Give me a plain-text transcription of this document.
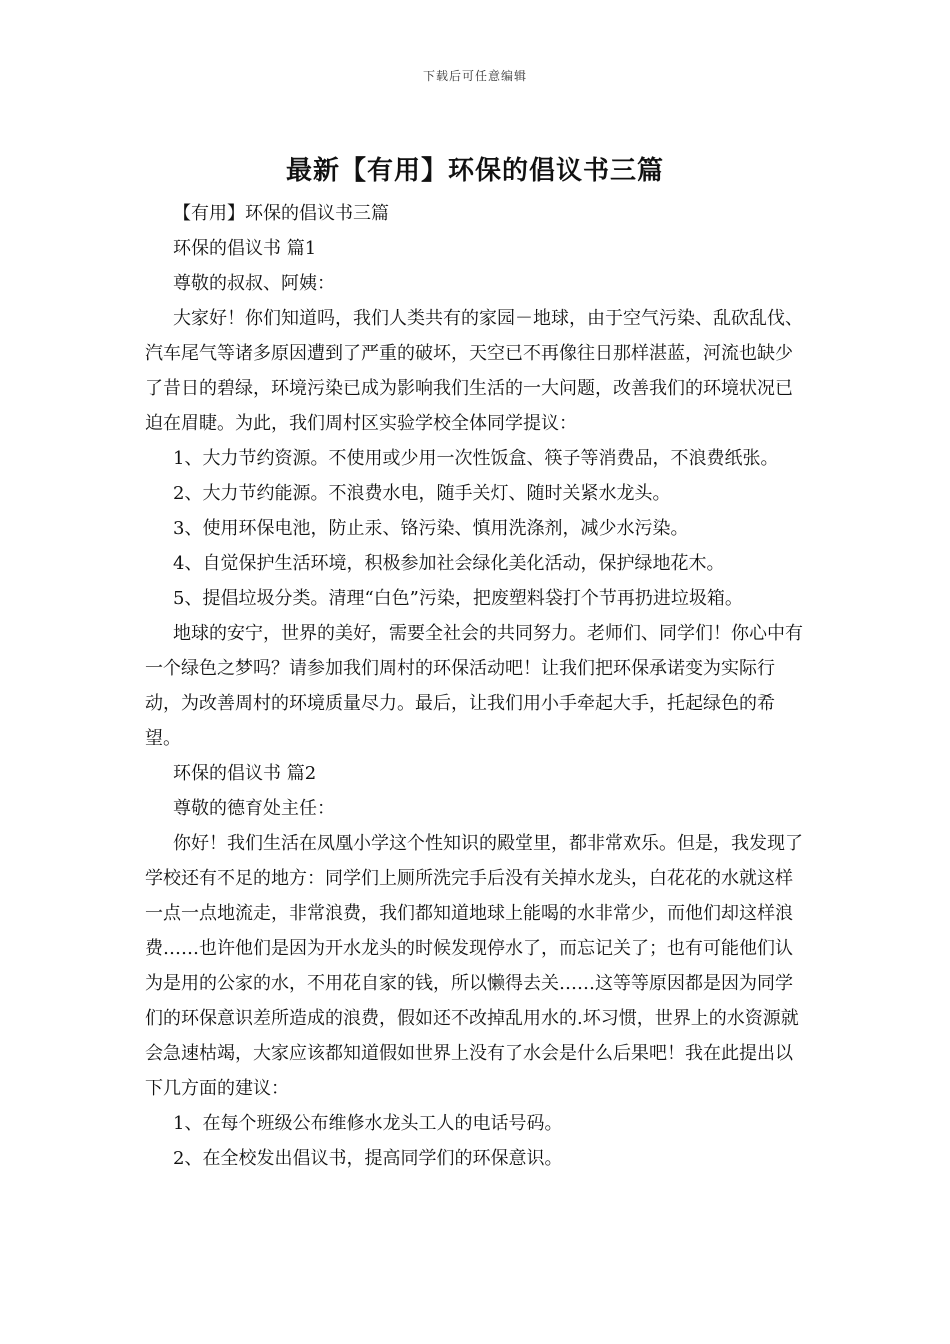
下载后可任意编辑
最新【有用】环保的倡议书三篇

【有用】环保的倡议书三篇

环保的倡议书 篇1

尊敬的叔叔、阿姨：

大家好！你们知道吗，我们人类共有的家园－地球，由于空气污染、乱砍乱伐、汽车尾气等诸多原因遭到了严重的破坏，天空已不再像往日那样湛蓝，河流也缺少了昔日的碧绿，环境污染已成为影响我们生活的一大问题，改善我们的环境状况已迫在眉睫。为此，我们周村区实验学校全体同学提议：

1、大力节约资源。不使用或少用一次性饭盒、筷子等消费品，不浪费纸张。

2、大力节约能源。不浪费水电，随手关灯、随时关紧水龙头。

3、使用环保电池，防止汞、铬污染、慎用洗涤剂，减少水污染。

4、自觉保护生活环境，积极参加社会绿化美化活动，保护绿地花木。

5、提倡垃圾分类。清理“白色”污染，把废塑料袋打个节再扔进垃圾箱。

地球的安宁，世界的美好，需要全社会的共同努力。老师们、同学们！你心中有一个绿色之梦吗？请参加我们周村的环保活动吧！让我们把环保承诺变为实际行动，为改善周村的环境质量尽力。最后，让我们用小手牵起大手，托起绿色的希望。

环保的倡议书 篇2

尊敬的德育处主任：

你好！我们生活在凤凰小学这个性知识的殿堂里，都非常欢乐。但是，我发现了学校还有不足的地方：同学们上厕所洗完手后没有关掉水龙头，白花花的水就这样一点一点地流走，非常浪费，我们都知道地球上能喝的水非常少，而他们却这样浪费……也许他们是因为开水龙头的时候发现停水了，而忘记关了；也有可能他们认为是用的公家的水，不用花自家的钱，所以懒得去关……这等等原因都是因为同学们的环保意识差所造成的浪费，假如还不改掉乱用水的.坏习惯，世界上的水资源就会急速枯竭，大家应该都知道假如世界上没有了水会是什么后果吧！我在此提出以下几方面的建议：

1、在每个班级公布维修水龙头工人的电话号码。

2、在全校发出倡议书，提高同学们的环保意识。
